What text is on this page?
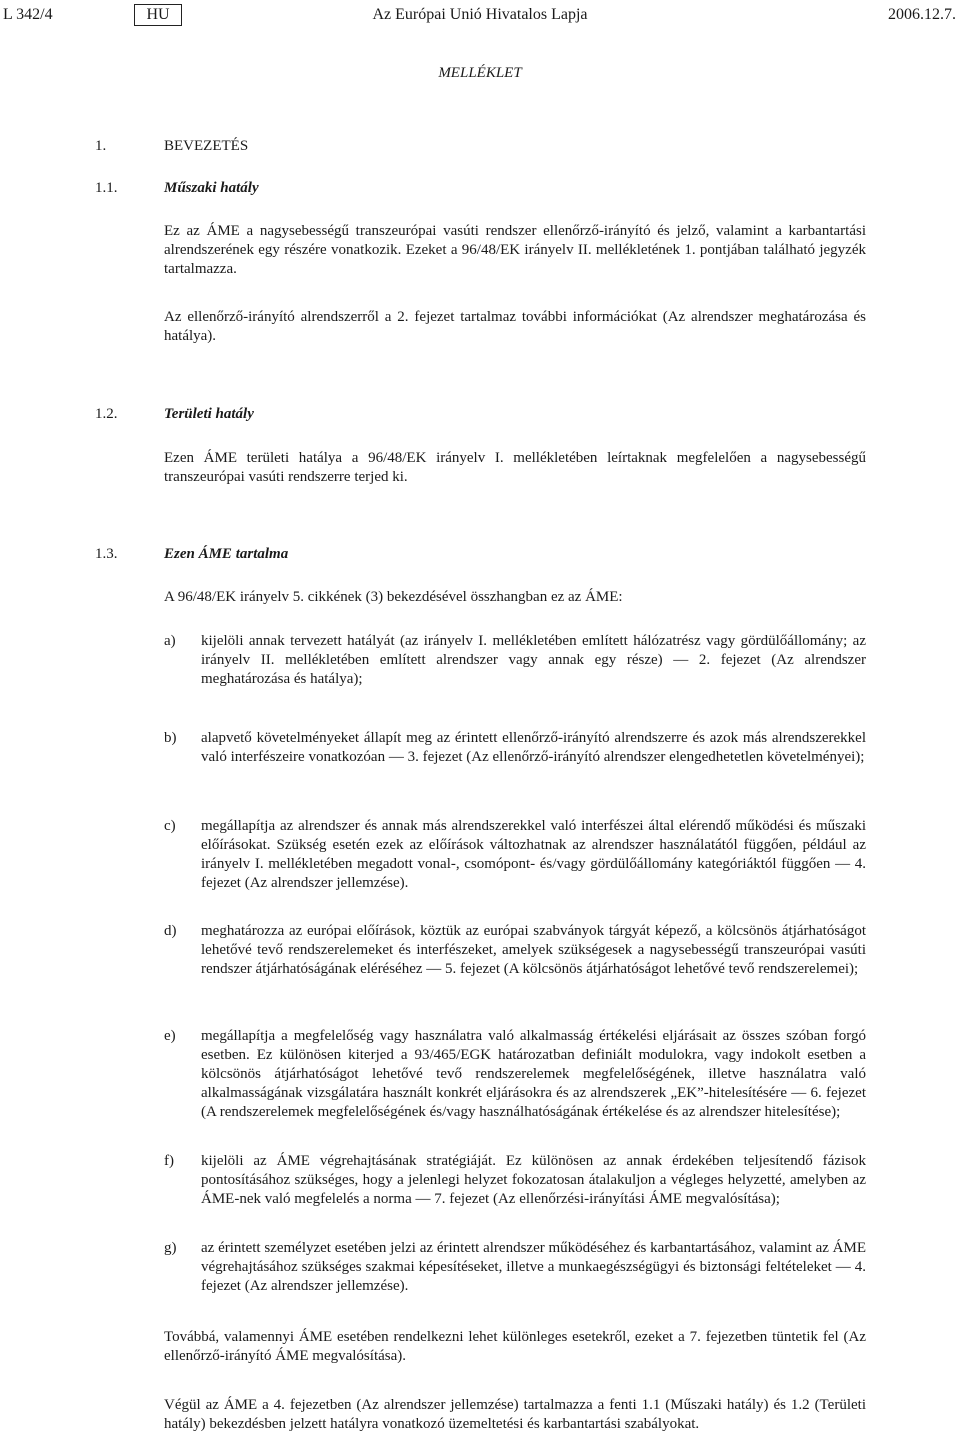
L 342/4	HU	Az Európai Unió Hivatalos Lapja	2006.12.7.
MELLÉKLET
1.	BEVEZETÉS
1.1.	Műszaki hatály

Ez az ÁME a nagysebességű transzeurópai vasúti rendszer ellenőrző-irányító és jelző, valamint a karbantartási alrendszerének egy részére vonatkozik. Ezeket a 96/48/EK irányelv II. mellékletének 1. pontjában található jegyzék tartalmazza.

Az ellenőrző-irányító alrendszerről a 2. fejezet tartalmaz további információkat (Az alrendszer meghatározása és hatálya).

1.2.	Területi hatály

Ezen ÁME területi hatálya a 96/48/EK irányelv I. mellékletében leírtaknak megfelelően a nagysebességű transzeurópai vasúti rendszerre terjed ki.

1.3.	Ezen ÁME tartalma

A 96/48/EK irányelv 5. cikkének (3) bekezdésével összhangban ez az ÁME:

a) kijelöli annak tervezett hatályát (az irányelv I. mellékletében említett hálózatrész vagy gördülőállomány; az irányelv II. mellékletében említett alrendszer vagy annak egy része) — 2. fejezet (Az alrendszer meghatározása és hatálya);

b) alapvető követelményeket állapít meg az érintett ellenőrző-irányító alrendszerre és azok más alrendszerekkel való interfészeire vonatkozóan — 3. fejezet (Az ellenőrző-irányító alrendszer elengedhetetlen követelményei);

c) megállapítja az alrendszer és annak más alrendszerekkel való interfészei által elérendő működési és műszaki előírásokat. Szükség esetén ezek az előírások változhatnak az alrendszer használatától függően, például az irányelv I. mellékletében megadott vonal-, csomópont- és/vagy gördülőállomány kategóriáktól függően — 4. fejezet (Az alrendszer jellemzése).

d) meghatározza az európai előírások, köztük az európai szabványok tárgyát képező, a kölcsönös átjárhatóságot lehetővé tevő rendszerelemeket és interfészeket, amelyek szükségesek a nagysebességű transzeurópai vasúti rendszer átjárhatóságának eléréséhez — 5. fejezet (A kölcsönös átjárhatóságot lehetővé tevő rendszerelemei);

e) megállapítja a megfelelőség vagy használatra való alkalmasság értékelési eljárásait az összes szóban forgó esetben. Ez különösen kiterjed a 93/465/EGK határozatban definiált modulokra, vagy indokolt esetben a kölcsönös átjárhatóságot lehetővé tevő rendszerelemek megfelelőségének, illetve használatra való alkalmasságának vizsgálatára használt konkrét eljárásokra és az alrendszerek „EK”-hitelesítésére — 6. fejezet (A rendszerelemek megfelelőségének és/vagy használhatóságának értékelése és az alrendszer hitelesítése);

f) kijelöli az ÁME végrehajtásának stratégiáját. Ez különösen az annak érdekében teljesítendő fázisok pontosításához szükséges, hogy a jelenlegi helyzet fokozatosan átalakuljon a végleges helyzetté, amelyben az ÁME-nek való megfelelés a norma — 7. fejezet (Az ellenőrzési-irányítási ÁME megvalósítása);

g) az érintett személyzet esetében jelzi az érintett alrendszer működéséhez és karbantartásához, valamint az ÁME végrehajtásához szükséges szakmai képesítéseket, illetve a munkaegészségügyi és biztonsági feltételeket — 4. fejezet (Az alrendszer jellemzése).

Továbbá, valamennyi ÁME esetében rendelkezni lehet különleges esetekről, ezeket a 7. fejezetben tüntetik fel (Az ellenőrző-irányító ÁME megvalósítása).

Végül az ÁME a 4. fejezetben (Az alrendszer jellemzése) tartalmazza a fenti 1.1 (Műszaki hatály) és 1.2 (Területi hatály) bekezdésben jelzett hatályra vonatkozó üzemeltetési és karbantartási szabályokat.
